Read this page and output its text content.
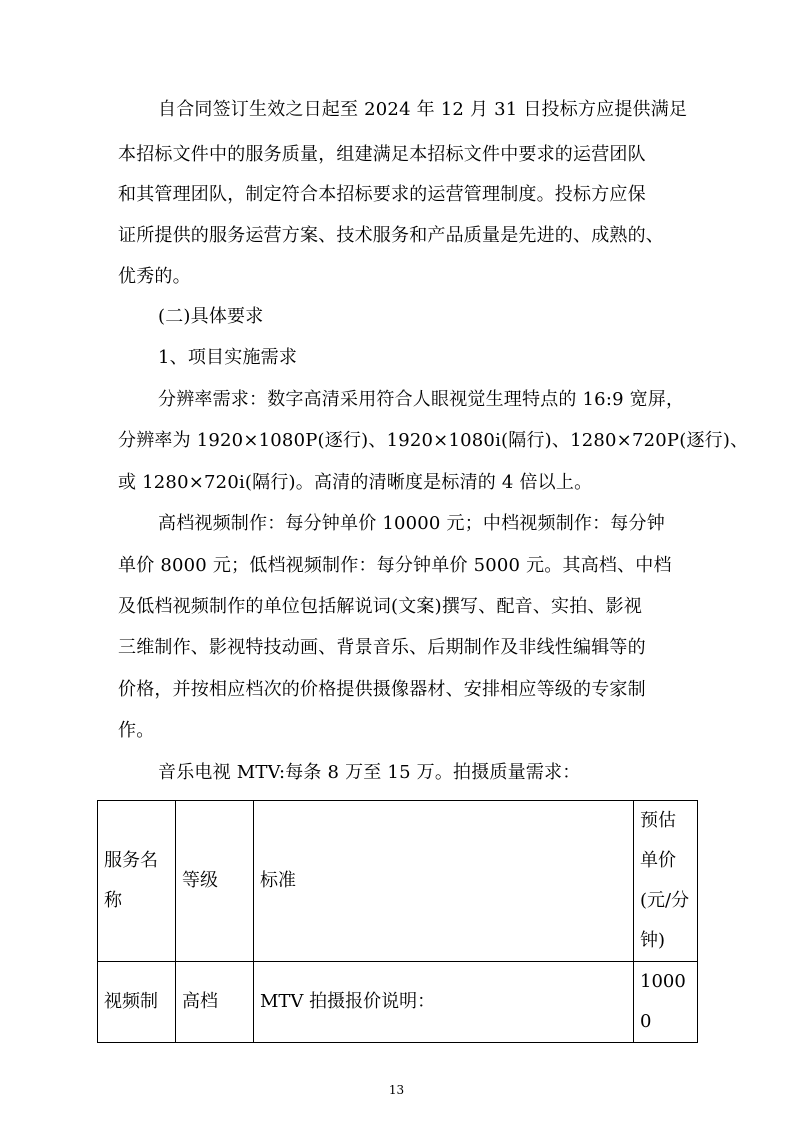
自合同签订生效之日起至 2024 年 12 月 31 日投标方应提供满足
本招标文件中的服务质量，组建满足本招标文件中要求的运营团队
和其管理团队，制定符合本招标要求的运营管理制度。投标方应保
证所提供的服务运营方案、技术服务和产品质量是先进的、成熟的、
优秀的。
(二)具体要求
1、项目实施需求
分辨率需求：数字高清采用符合人眼视觉生理特点的 16:9 宽屏，
分辨率为 1920×1080P(逐行)、1920×1080i(隔行)、1280×720P(逐行)、
或 1280×720i(隔行)。高清的清晰度是标清的 4 倍以上。
高档视频制作：每分钟单价 10000 元；中档视频制作：每分钟
单价 8000 元；低档视频制作：每分钟单价 5000 元。其高档、中档
及低档视频制作的单位包括解说词(文案)撰写、配音、实拍、影视
三维制作、影视特技动画、背景音乐、后期制作及非线性编辑等的
价格，并按相应档次的价格提供摄像器材、安排相应等级的专家制
作。
音乐电视 MTV:每条 8 万至 15 万。拍摄质量需求：
服务名称	等级	标准	预估单价(元/分钟)
视频制	高档	MTV 拍摄报价说明：	10000
13
